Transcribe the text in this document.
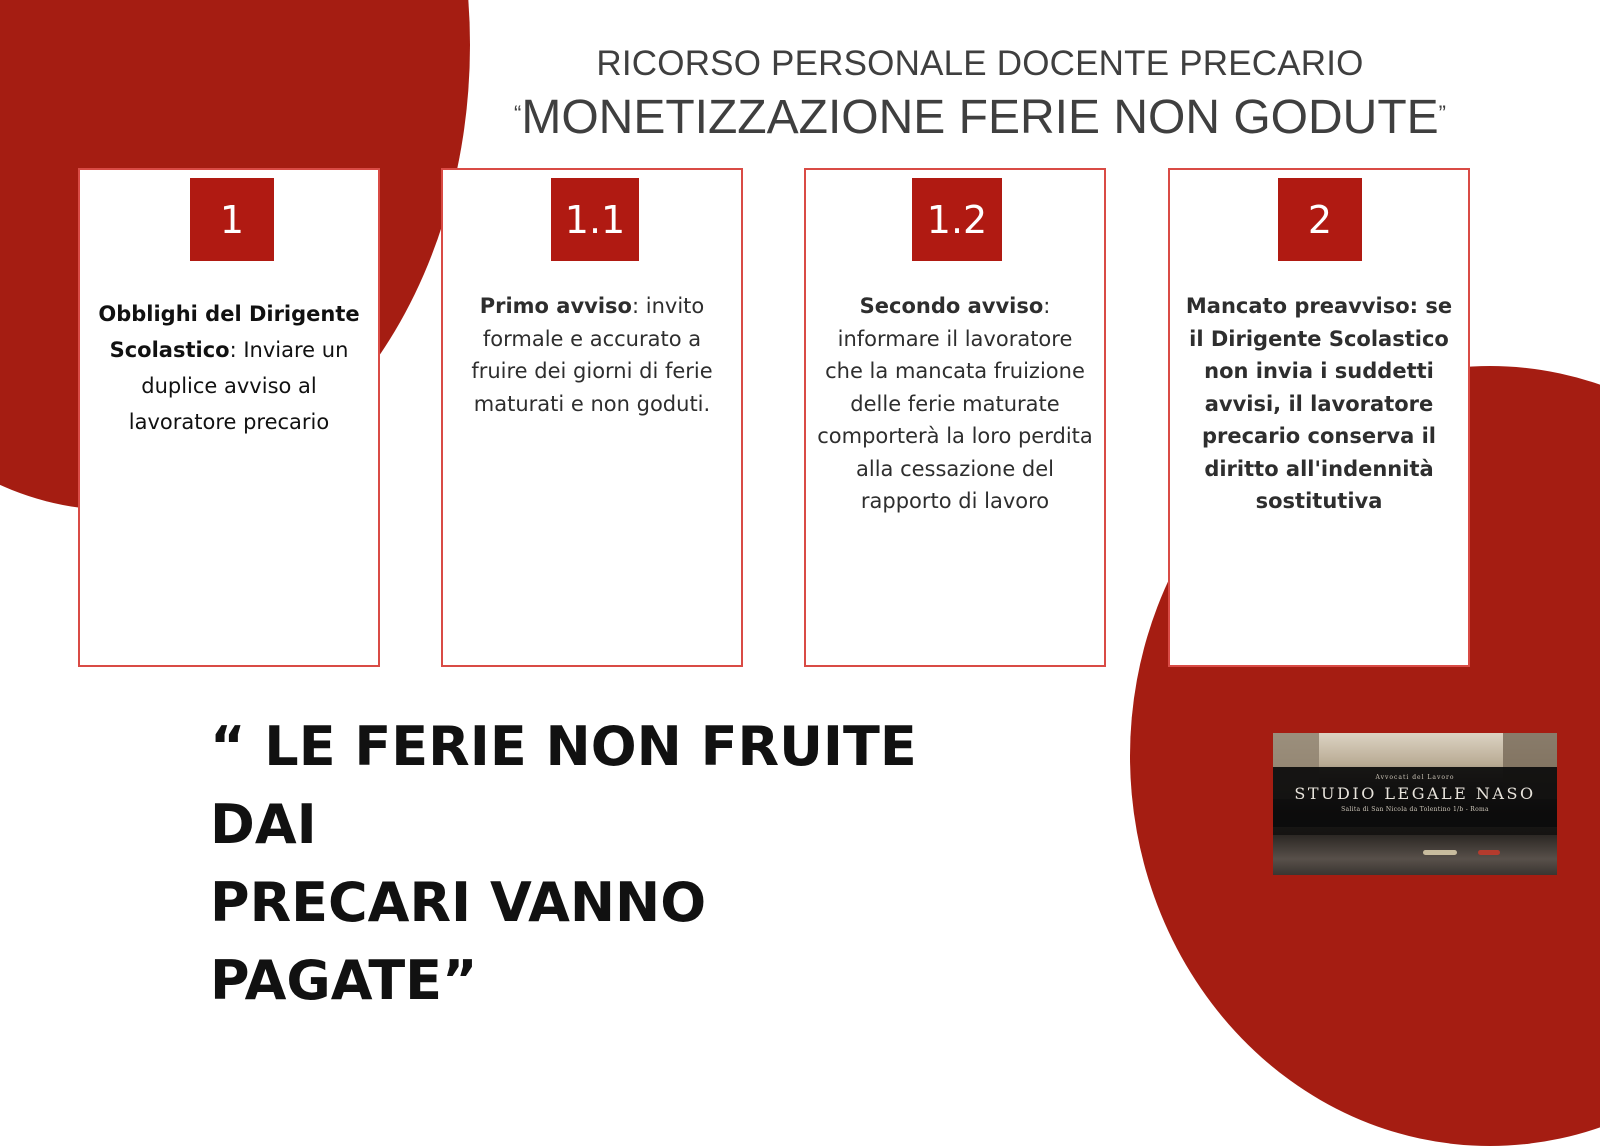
RICORSO PERSONALE DOCENTE PRECARIO
“MONETIZZAZIONE FERIE NON GODUTE”
1
Obblighi del Dirigente Scolastico: Inviare un duplice avviso al lavoratore precario
1.1
Primo avviso: invito formale e accurato a fruire dei giorni di ferie maturati e non goduti.
1.2
Secondo avviso: informare il lavoratore che la mancata fruizione delle ferie maturate comporterà la loro perdita alla cessazione del rapporto di lavoro
2
Mancato preavviso: se il Dirigente Scolastico non invia i suddetti avvisi, il lavoratore precario conserva il diritto all'indennità sostitutiva
“ LE FERIE NON FRUITE DAI
PRECARI VANNO PAGATE”
Avvocati del Lavoro
STUDIO LEGALE NASO
Salita di San Nicola da Tolentino 1/b - Roma
